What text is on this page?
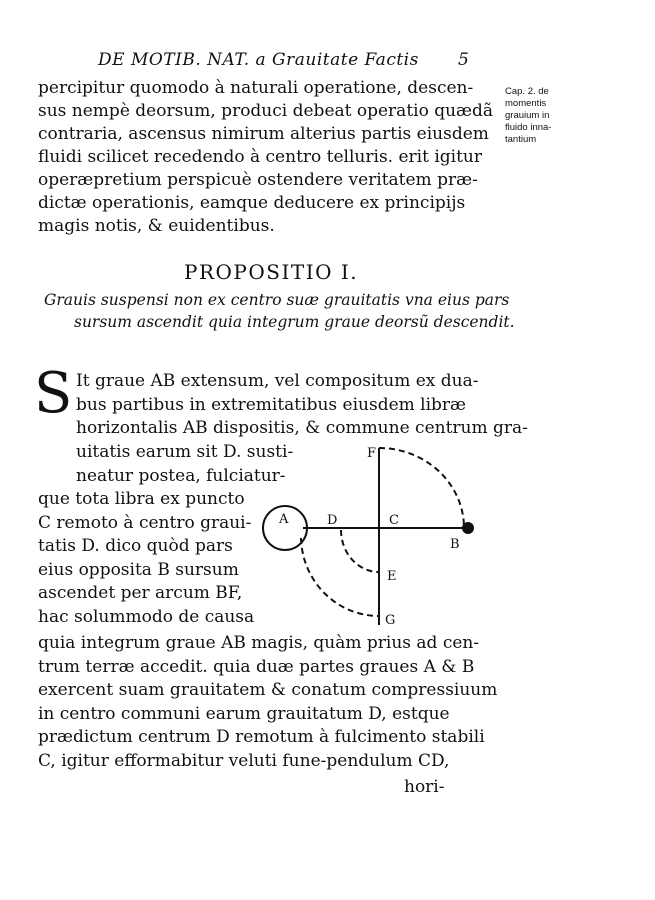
DE MOTIB. NAT. a Grauitate Factis	5
Cap. 2. de
momentis
grauium in
fluido inna-
tantium
percipitur quomodo à naturali operatione, descen-
sus nempè deorsum, produci debeat operatio quædã
contraria, ascensus nimirum alterius partis eiusdem
fluidi scilicet recedendo à centro telluris. erit igitur
operæpretium perspicuè ostendere veritatem præ-
dictæ operationis, eamque deducere ex principijs
magis notis, & euidentibus.
PROPOSITIO I.
Grauis suspensi non ex centro suæ grauitatis vna eius pars
sursum ascendit quia integrum graue deorsũ descendit.
S It graue AB extensum, vel compositum ex dua-
bus partibus in extremitatibus eiusdem libræ
horizontalis AB dispositis, & commune centrum gra-
uitatis earum sit D. susti-
neatur postea, fulciatur-
que tota libra ex puncto
C remoto à centro graui-
tatis D. dico quòd pars
eius opposita B sursum
ascendet per arcum BF,
hac solummodo de causa
A	D	C
B
F
E
G
quia integrum graue AB magis, quàm prius ad cen-
trum terræ accedit. quia duæ partes graues A & B
exercent suam grauitatem & conatum compressiuum
in centro communi earum grauitatum D, estque
prædictum centrum D remotum à fulcimento stabili
C, igitur efformabitur veluti fune-pendulum CD,
hori-
